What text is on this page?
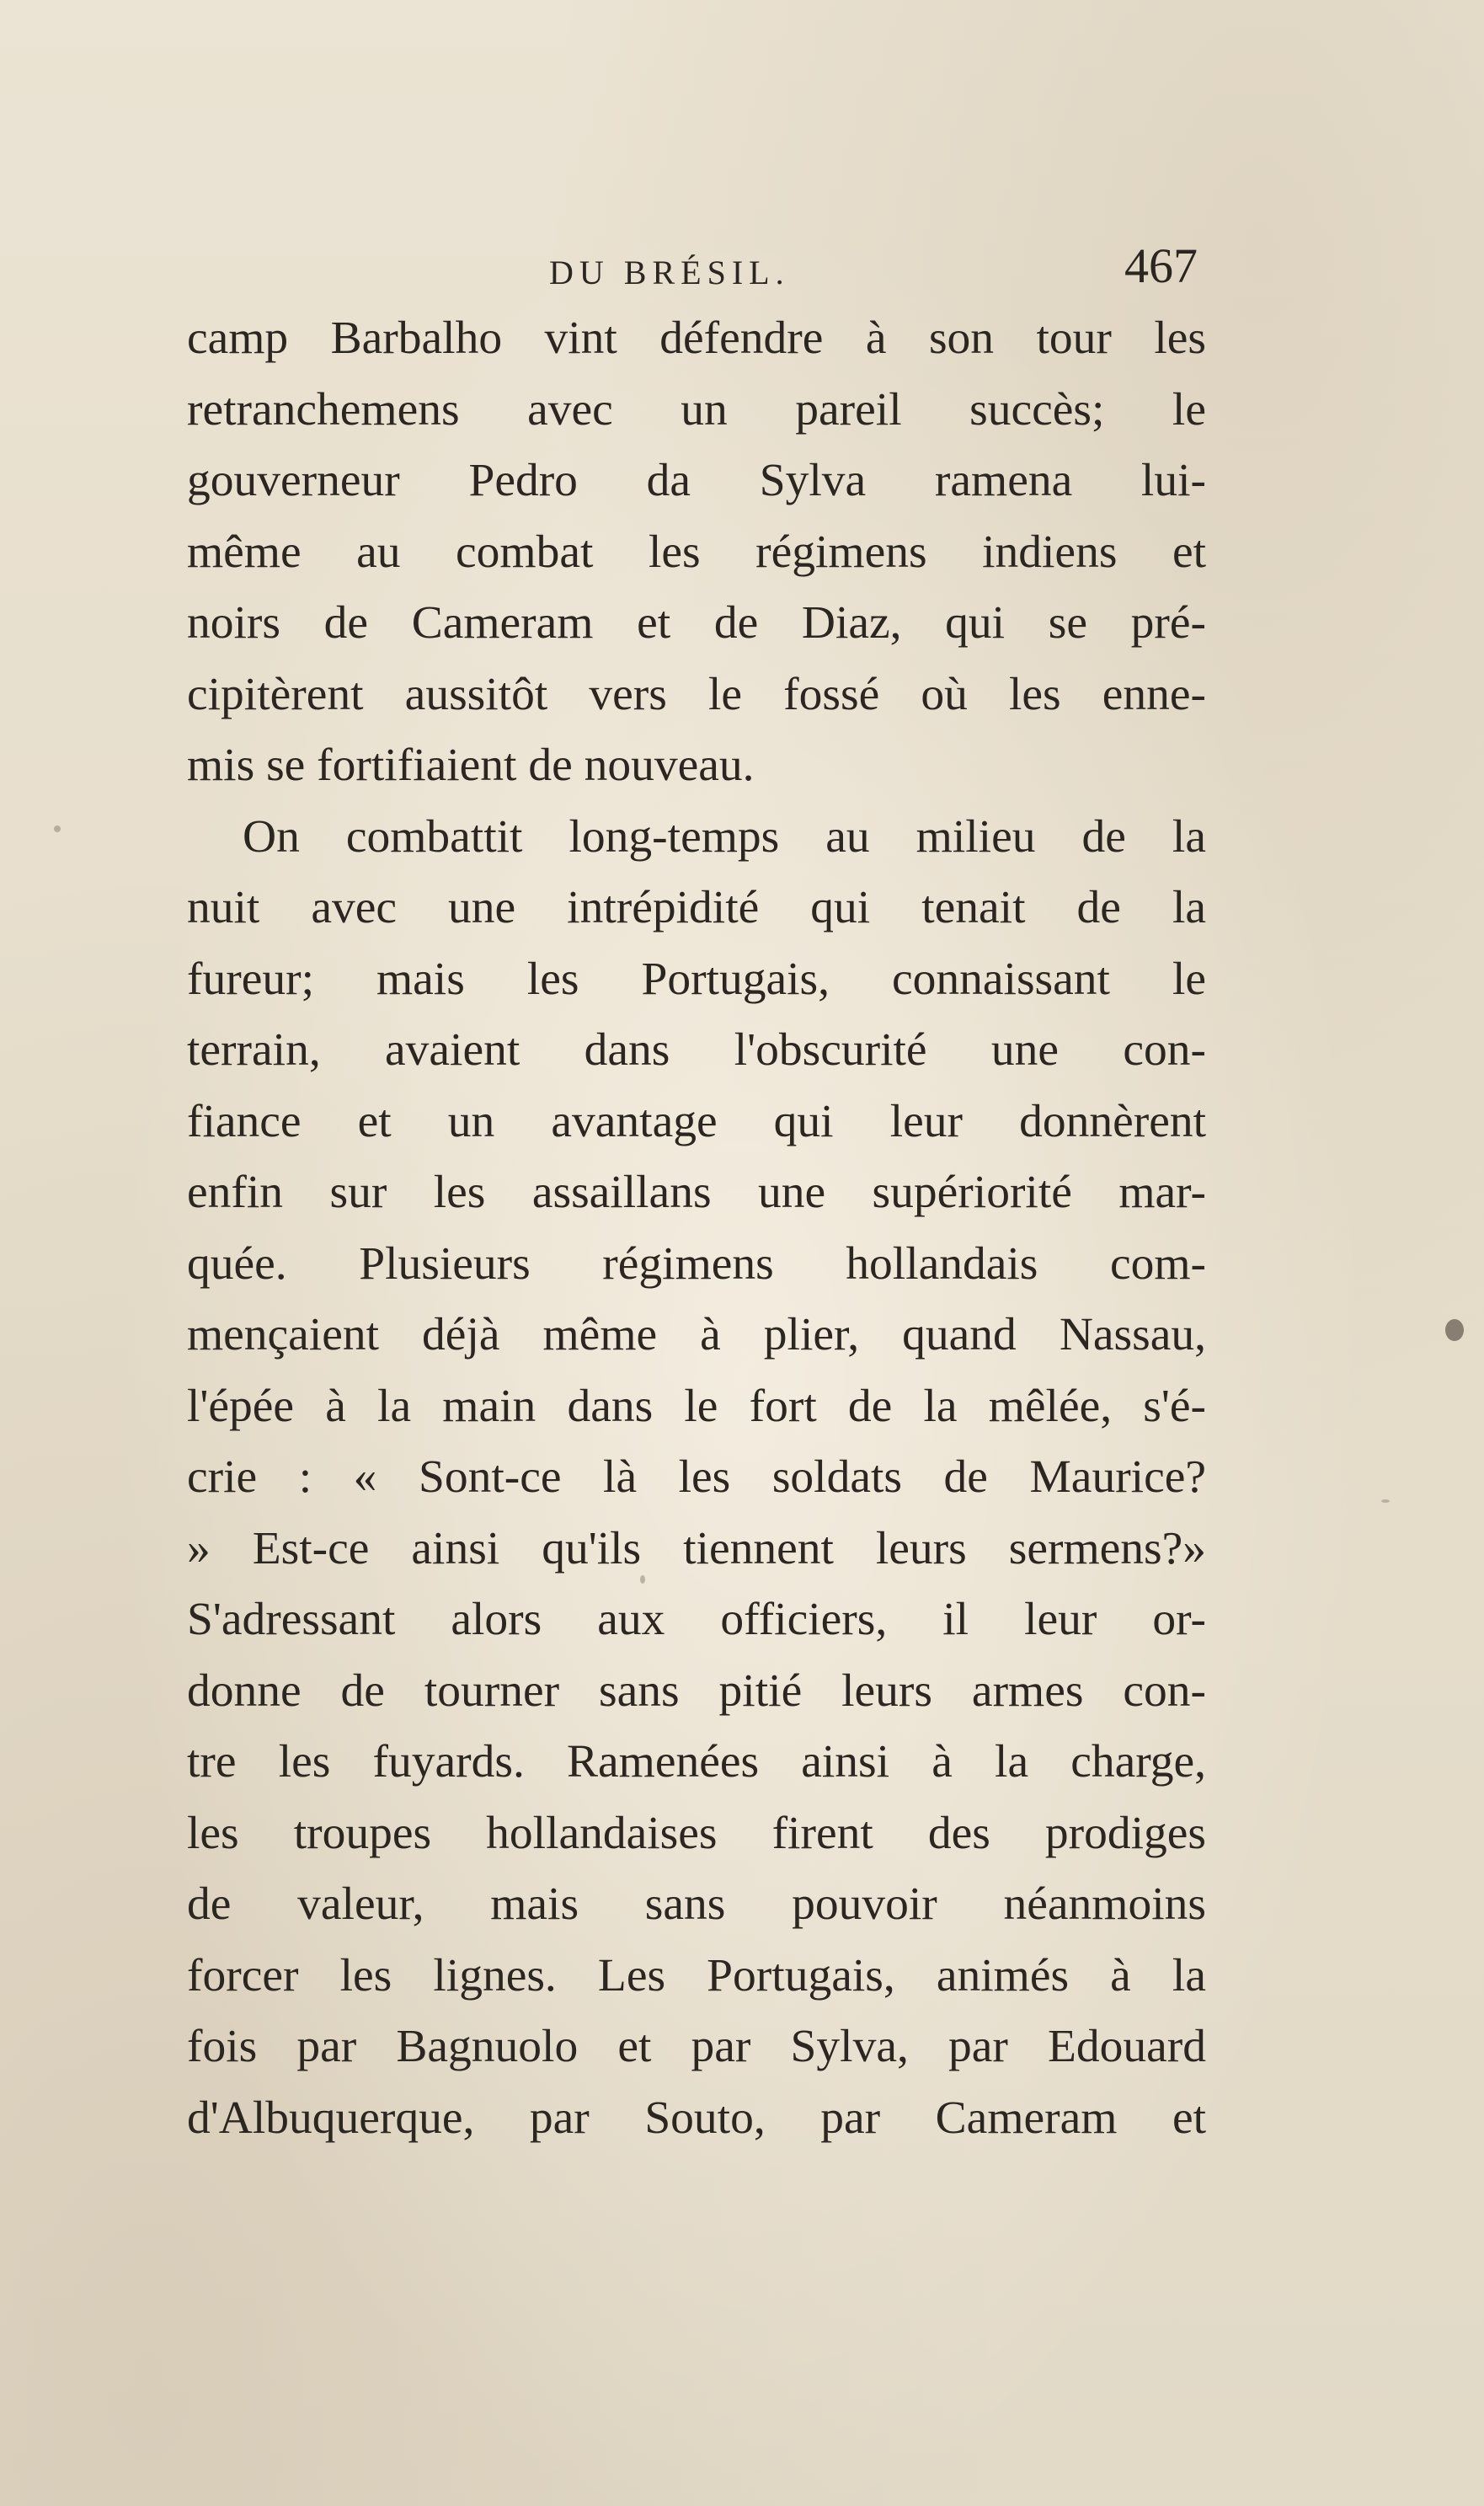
DU BRÉSIL.	467
camp Barbalho vint défendre à son tour les
retranchemens avec un pareil succès; le
gouverneur Pedro da Sylva ramena lui-
même au combat les régimens indiens et
noirs de Cameram et de Diaz, qui se pré-
cipitèrent aussitôt vers le fossé où les enne-
mis se fortifiaient de nouveau.
On combattit long-temps au milieu de la
nuit avec une intrépidité qui tenait de la
fureur; mais les Portugais, connaissant le
terrain, avaient dans l'obscurité une con-
fiance et un avantage qui leur donnèrent
enfin sur les assaillans une supériorité mar-
quée. Plusieurs régimens hollandais com-
mençaient déjà même à plier, quand Nassau,
l'épée à la main dans le fort de la mêlée, s'é-
crie : « Sont-ce là les soldats de Maurice?
» Est-ce ainsi qu'ils tiennent leurs sermens?»
S'adressant alors aux officiers, il leur or-
donne de tourner sans pitié leurs armes con-
tre les fuyards. Ramenées ainsi à la charge,
les troupes hollandaises firent des prodiges
de valeur, mais sans pouvoir néanmoins
forcer les lignes. Les Portugais, animés à la
fois par Bagnuolo et par Sylva, par Edouard
d'Albuquerque, par Souto, par Cameram et
